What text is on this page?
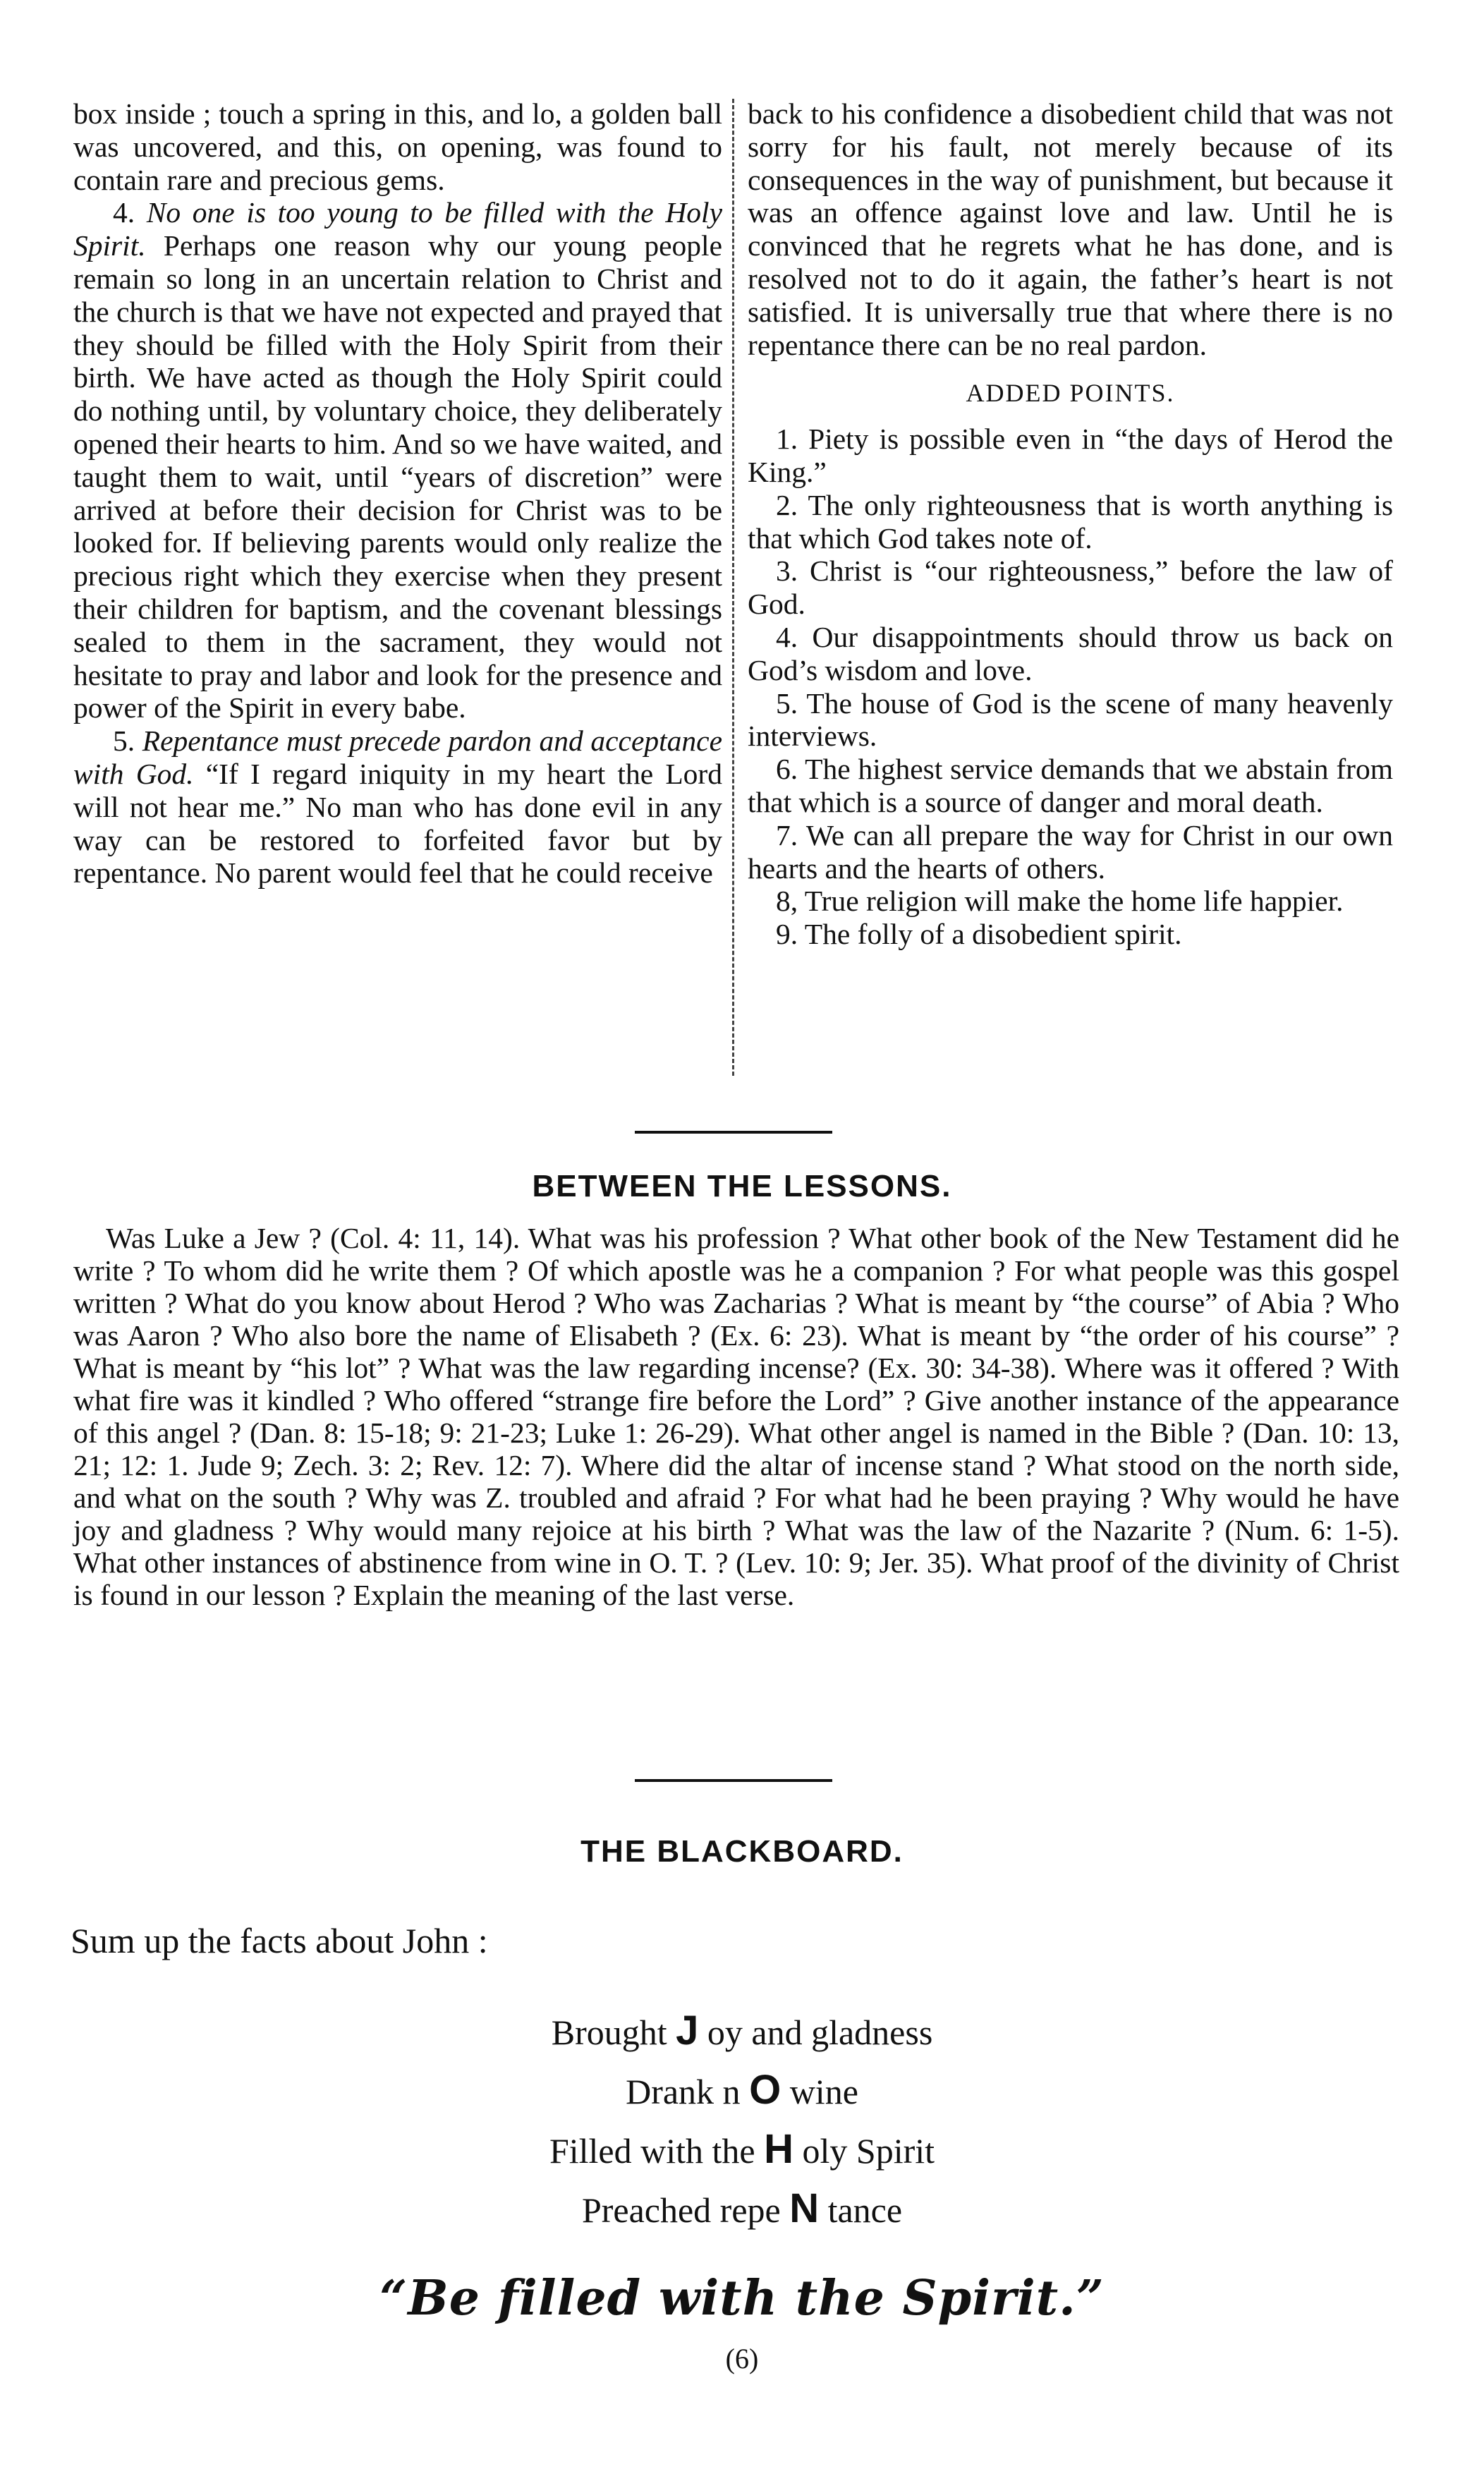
box inside ; touch a spring in this, and lo, a golden ball was uncovered, and this, on opening, was found to contain rare and precious gems.

4. No one is too young to be filled with the Holy Spirit. Perhaps one reason why our young people remain so long in an uncertain relation to Christ and the church is that we have not expected and prayed that they should be filled with the Holy Spirit from their birth. We have acted as though the Holy Spirit could do nothing until, by voluntary choice, they deliberately opened their hearts to him. And so we have waited, and taught them to wait, until “years of discretion” were arrived at before their decision for Christ was to be looked for. If believing parents would only realize the precious right which they exercise when they present their children for baptism, and the covenant blessings sealed to them in the sacrament, they would not hesitate to pray and labor and look for the presence and power of the Spirit in every babe.

5. Repentance must precede pardon and acceptance with God. “If I regard iniquity in my heart the Lord will not hear me.” No man who has done evil in any way can be restored to forfeited favor but by repentance. No parent would feel that he could receive

back to his confidence a disobedient child that was not sorry for his fault, not merely because of its consequences in the way of punishment, but because it was an offence against love and law. Until he is convinced that he regrets what he has done, and is resolved not to do it again, the father’s heart is not satisfied. It is universally true that where there is no repentance there can be no real pardon.

ADDED POINTS.

1. Piety is possible even in “the days of Herod the King.”

2. The only righteousness that is worth anything is that which God takes note of.

3. Christ is “our righteousness,” before the law of God.

4. Our disappointments should throw us back on God’s wisdom and love.

5. The house of God is the scene of many heavenly interviews.

6. The highest service demands that we abstain from that which is a source of danger and moral death.

7. We can all prepare the way for Christ in our own hearts and the hearts of others.

8, True religion will make the home life happier.

9. The folly of a disobedient spirit.

BETWEEN THE LESSONS.

Was Luke a Jew ? (Col. 4: 11, 14). What was his profession ? What other book of the New Testament did he write ? To whom did he write them ? Of which apostle was he a companion ? For what people was this gospel written ? What do you know about Herod ? Who was Zacharias ? What is meant by “the course” of Abia ? Who was Aaron ? Who also bore the name of Elisabeth ? (Ex. 6: 23). What is meant by “the order of his course” ? What is meant by “his lot” ? What was the law regarding incense? (Ex. 30: 34-38). Where was it offered ? With what fire was it kindled ? Who offered “strange fire before the Lord” ? Give another instance of the appearance of this angel ? (Dan. 8: 15-18; 9: 21-23; Luke 1: 26-29). What other angel is named in the Bible ? (Dan. 10: 13, 21; 12: 1. Jude 9; Zech. 3: 2; Rev. 12: 7). Where did the altar of incense stand ? What stood on the north side, and what on the south ? Why was Z. troubled and afraid ? For what had he been praying ? Why would he have joy and gladness ? Why would many rejoice at his birth ? What was the law of the Nazarite ? (Num. 6: 1-5). What other instances of abstinence from wine in O. T. ? (Lev. 10: 9; Jer. 35). What proof of the divinity of Christ is found in our lesson ? Explain the meaning of the last verse.

THE BLACKBOARD.

Sum up the facts about John :

Brought J oy and gladness

Drank n O wine

Filled with the H oly Spirit

Preached repe N tance

“Be filled with the Spirit.”
(6)
